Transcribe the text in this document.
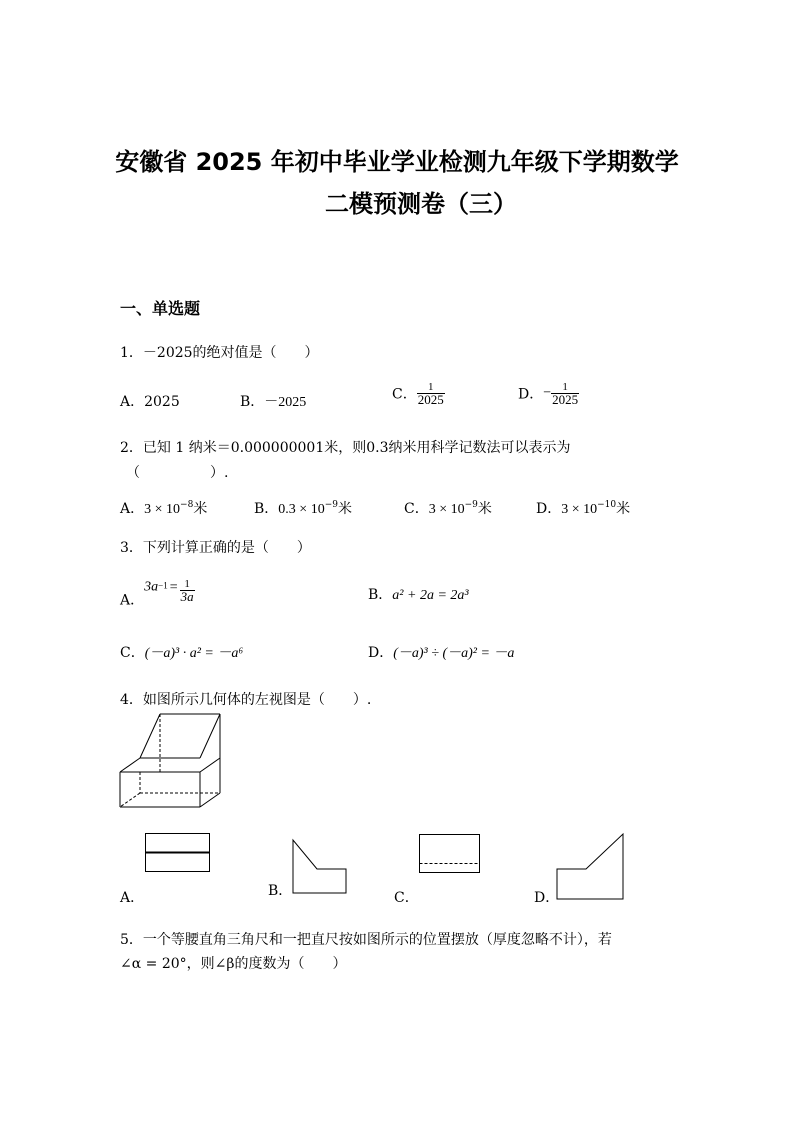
安徽省 2025 年初中毕业学业检测九年级下学期数学
二模预测卷（三）
一、单选题
1．－2025的绝对值是（　　）
A．2025	B．－2025	C． $\frac{1}{2025}$	D．− $\frac{1}{2025}$
2．已知 1 纳米＝0.000000001米，则0.3纳米用科学记数法可以表示为
（　　　　　）.
A．$3 \times 10^{-8}$米	B．$0.3 \times 10^{-9}$米	C．$3 \times 10^{-9}$米	D．$3 \times 10^{-10}$米
3．下列计算正确的是（　　）
A．$3a^{-1} = \frac{1}{3a}$	B．a² + 2a = 2a³
C．(－a)³ · a² = －a⁶	D．(－a)³ ÷ (－a)² = －a
4．如图所示几何体的左视图是（　　）.
A．	B．	C．	D．
5．一个等腰直角三角尺和一把直尺按如图所示的位置摆放（厚度忽略不计），若
∠α = 20°，则∠β的度数为（　　）
